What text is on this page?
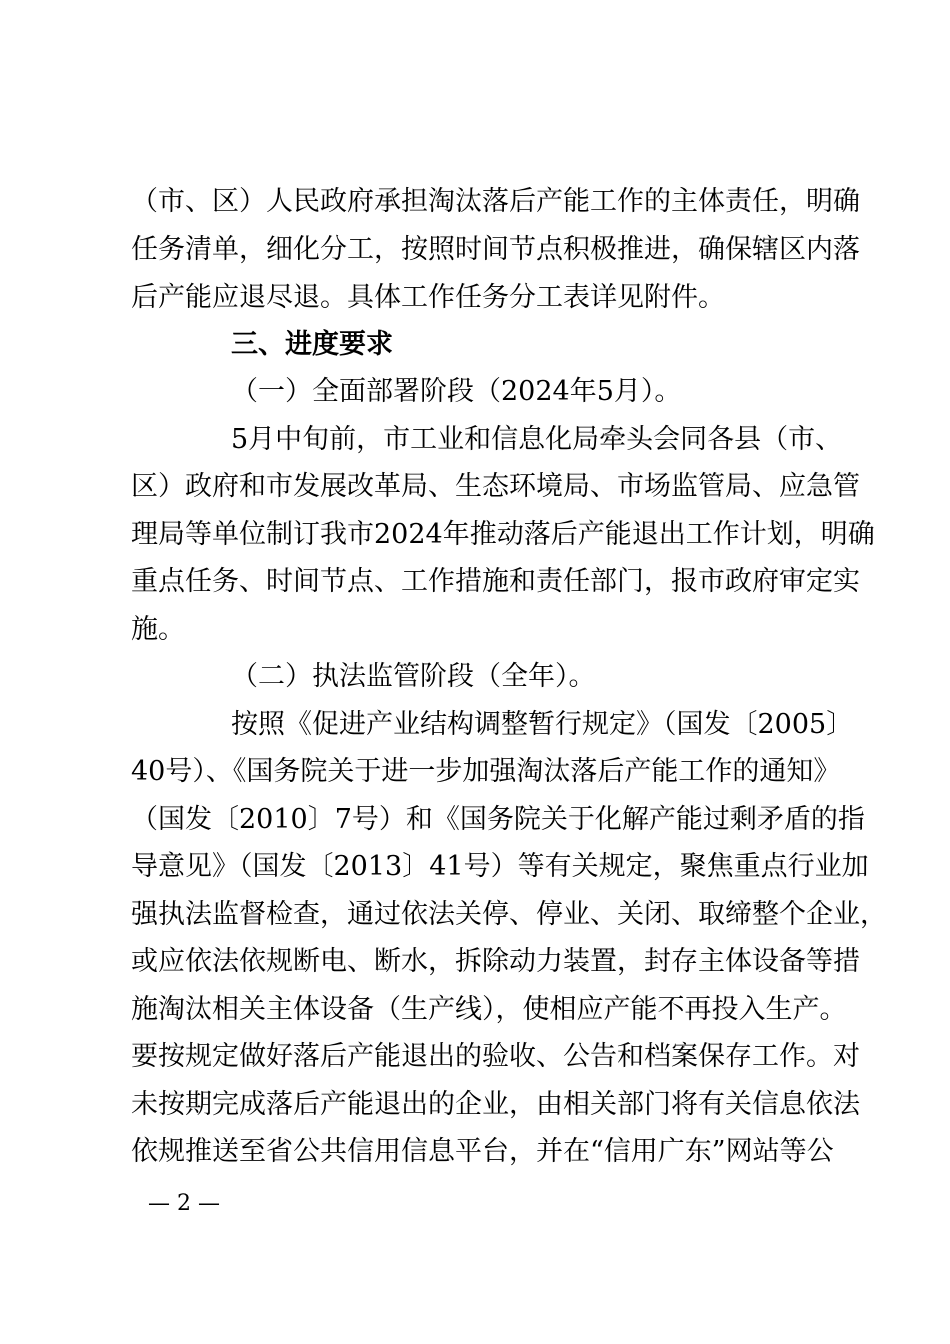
（市、区）人民政府承担淘汰落后产能工作的主体责任，明确
任务清单，细化分工，按照时间节点积极推进，确保辖区内落
后产能应退尽退。具体工作任务分工表详见附件。
三、进度要求
（一）全面部署阶段（2024年5月）。
5月中旬前，市工业和信息化局牵头会同各县（市、
区）政府和市发展改革局、生态环境局、市场监管局、应急管
理局等单位制订我市2024年推动落后产能退出工作计划，明确
重点任务、时间节点、工作措施和责任部门，报市政府审定实
施。
（二）执法监管阶段（全年）。
按照《促进产业结构调整暂行规定》（国发〔2005〕
40号）、《国务院关于进一步加强淘汰落后产能工作的通知》
（国发〔2010〕7号）和《国务院关于化解产能过剩矛盾的指
导意见》（国发〔2013〕41号）等有关规定，聚焦重点行业加
强执法监督检查，通过依法关停、停业、关闭、取缔整个企业，
或应依法依规断电、断水，拆除动力装置，封存主体设备等措
施淘汰相关主体设备（生产线），使相应产能不再投入生产。
要按规定做好落后产能退出的验收、公告和档案保存工作。对
未按期完成落后产能退出的企业，由相关部门将有关信息依法
依规推送至省公共信用信息平台，并在“信用广东”网站等公
— 2 —
